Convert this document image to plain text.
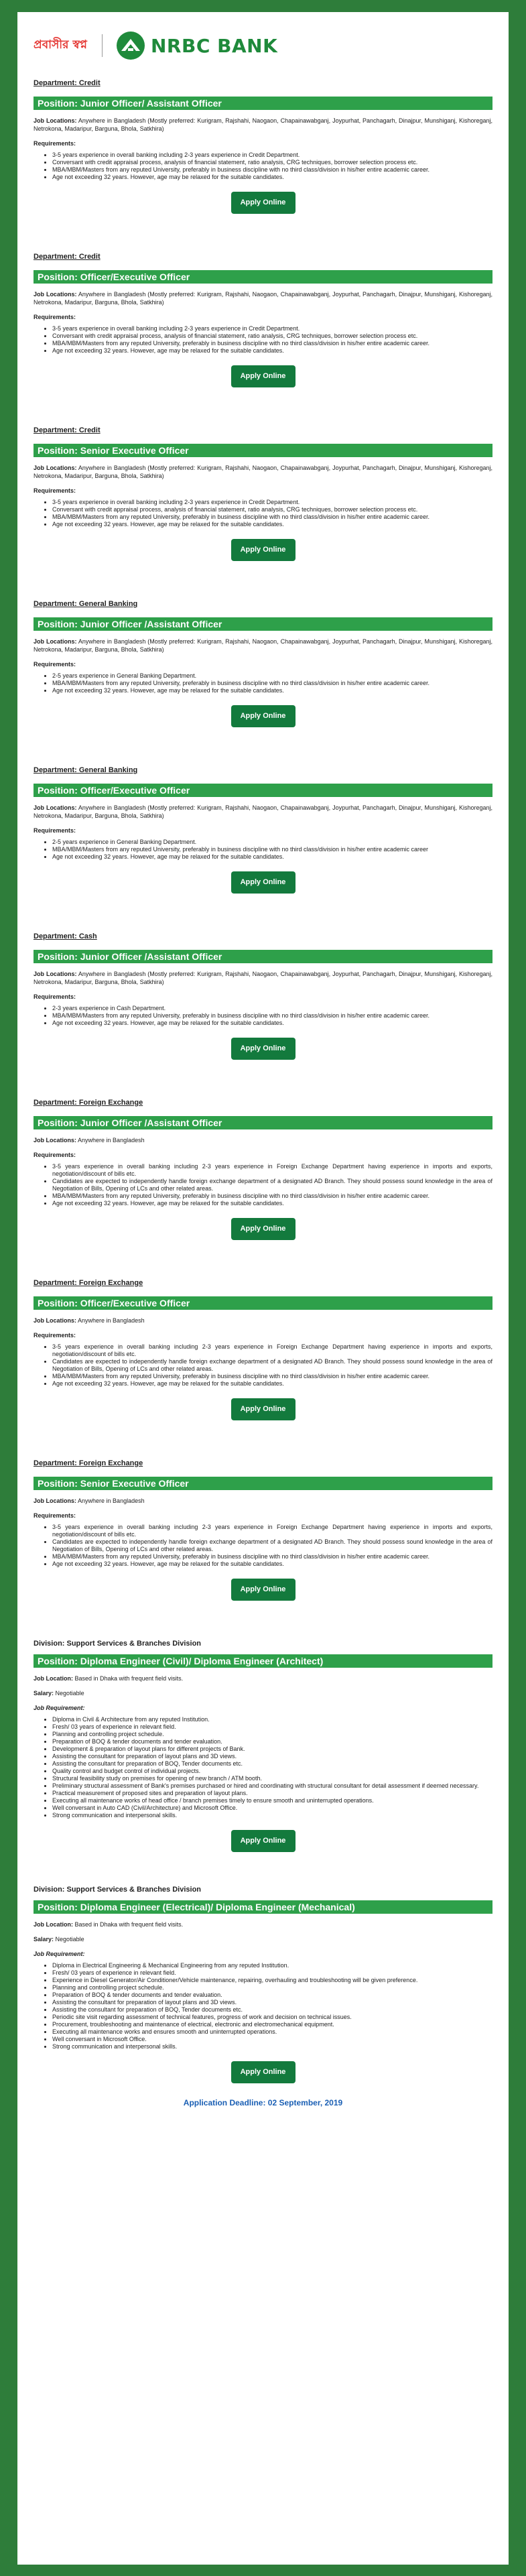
প্রবাসীর স্বপ্ন	NRBC BANK
Department: Credit
Position: Junior Officer/ Assistant Officer
Job Locations: Anywhere in Bangladesh (Mostly preferred: Kurigram, Rajshahi, Naogaon, Chapainawabganj, Joypurhat, Panchagarh, Dinajpur, Munshiganj, Kishoreganj, Netrokona, Madaripur, Barguna, Bhola, Satkhira)
Requirements:
• 3-5 years experience in overall banking including 2-3 years experience in Credit Department.
• Conversant with credit appraisal process, analysis of financial statement, ratio analysis, CRG techniques, borrower selection process etc.
• MBA/MBM/Masters from any reputed University, preferably in business discipline with no third class/division in his/her entire academic career.
• Age not exceeding 32 years. However, age may be relaxed for the suitable candidates.
Apply Online
Department: Credit
Position: Officer/Executive Officer
Job Locations: Anywhere in Bangladesh (Mostly preferred: Kurigram, Rajshahi, Naogaon, Chapainawabganj, Joypurhat, Panchagarh, Dinajpur, Munshiganj, Kishoreganj, Netrokona, Madaripur, Barguna, Bhola, Satkhira)
Requirements:
• 3-5 years experience in overall banking including 2-3 years experience in Credit Department.
• Conversant with credit appraisal process, analysis of financial statement, ratio analysis, CRG techniques, borrower selection process etc.
• MBA/MBM/Masters from any reputed University, preferably in business discipline with no third class/division in his/her entire academic career.
• Age not exceeding 32 years. However, age may be relaxed for the suitable candidates.
Apply Online
Department: Credit
Position: Senior Executive Officer
Job Locations: Anywhere in Bangladesh (Mostly preferred: Kurigram, Rajshahi, Naogaon, Chapainawabganj, Joypurhat, Panchagarh, Dinajpur, Munshiganj, Kishoreganj, Netrokona, Madaripur, Barguna, Bhola, Satkhira)
Requirements:
• 3-5 years experience in overall banking including 2-3 years experience in Credit Department.
• Conversant with credit appraisal process, analysis of financial statement, ratio analysis, CRG techniques, borrower selection process etc.
• MBA/MBM/Masters from any reputed University, preferably in business discipline with no third class/division in his/her entire academic career.
• Age not exceeding 32 years. However, age may be relaxed for the suitable candidates.
Apply Online
Department: General Banking
Position: Junior Officer /Assistant Officer
Job Locations: Anywhere in Bangladesh (Mostly preferred: Kurigram, Rajshahi, Naogaon, Chapainawabganj, Joypurhat, Panchagarh, Dinajpur, Munshiganj, Kishoreganj, Netrokona, Madaripur, Barguna, Bhola, Satkhira)
Requirements:
• 2-5 years experience in General Banking Department.
• MBA/MBM/Masters from any reputed University, preferably in business discipline with no third class/division in his/her entire academic career.
• Age not exceeding 32 years. However, age may be relaxed for the suitable candidates.
Apply Online
Department: General Banking
Position: Officer/Executive Officer
Job Locations: Anywhere in Bangladesh (Mostly preferred: Kurigram, Rajshahi, Naogaon, Chapainawabganj, Joypurhat, Panchagarh, Dinajpur, Munshiganj, Kishoreganj, Netrokona, Madaripur, Barguna, Bhola, Satkhira)
Requirements:
• 2-5 years experience in General Banking Department.
• MBA/MBM/Masters from any reputed University, preferably in business discipline with no third class/division in his/her entire academic career
• Age not exceeding 32 years. However, age may be relaxed for the suitable candidates.
Apply Online
Department: Cash
Position: Junior Officer /Assistant Officer
Job Locations: Anywhere in Bangladesh (Mostly preferred: Kurigram, Rajshahi, Naogaon, Chapainawabganj, Joypurhat, Panchagarh, Dinajpur, Munshiganj, Kishoreganj, Netrokona, Madaripur, Barguna, Bhola, Satkhira)
Requirements:
• 2-3 years experience in Cash Department.
• MBA/MBM/Masters from any reputed University, preferably in business discipline with no third class/division in his/her entire academic career.
• Age not exceeding 32 years. However, age may be relaxed for the suitable candidates.
Apply Online
Department: Foreign Exchange
Position: Junior Officer /Assistant Officer
Job Locations: Anywhere in Bangladesh
Requirements:
• 3-5 years experience in overall banking including 2-3 years experience in Foreign Exchange Department having experience in imports and exports, negotiation/discount of bills etc.
• Candidates are expected to independently handle foreign exchange department of a designated AD Branch. They should possess sound knowledge in the area of Negotiation of Bills, Opening of LCs and other related areas.
• MBA/MBM/Masters from any reputed University, preferably in business discipline with no third class/division in his/her entire academic career.
• Age not exceeding 32 years. However, age may be relaxed for the suitable candidates.
Apply Online
Department: Foreign Exchange
Position: Officer/Executive Officer
Job Locations: Anywhere in Bangladesh
Requirements:
• 3-5 years experience in overall banking including 2-3 years experience in Foreign Exchange Department having experience in imports and exports, negotiation/discount of bills etc.
• Candidates are expected to independently handle foreign exchange department of a designated AD Branch. They should possess sound knowledge in the area of Negotiation of Bills, Opening of LCs and other related areas.
• MBA/MBM/Masters from any reputed University, preferably in business discipline with no third class/division in his/her entire academic career.
• Age not exceeding 32 years. However, age may be relaxed for the suitable candidates.
Apply Online
Department: Foreign Exchange
Position: Senior Executive Officer
Job Locations: Anywhere in Bangladesh
Requirements:
• 3-5 years experience in overall banking including 2-3 years experience in Foreign Exchange Department having experience in imports and exports, negotiation/discount of bills etc.
• Candidates are expected to independently handle foreign exchange department of a designated AD Branch. They should possess sound knowledge in the area of Negotiation of Bills, Opening of LCs and other related areas.
• MBA/MBM/Masters from any reputed University, preferably in business discipline with no third class/division in his/her entire academic career.
• Age not exceeding 32 years. However, age may be relaxed for the suitable candidates.
Apply Online
Division: Support Services & Branches Division
Position: Diploma Engineer (Civil)/ Diploma Engineer (Architect)
Job Location: Based in Dhaka with frequent field visits.
Salary: Negotiable
Job Requirement:
• Diploma in Civil & Architecture from any reputed Institution.
• Fresh/ 03 years of experience in relevant field.
• Planning and controlling project schedule.
• Preparation of BOQ & tender documents and tender evaluation.
• Development & preparation of layout plans for different projects of Bank.
• Assisting the consultant for preparation of layout plans and 3D views.
• Assisting the consultant for preparation of BOQ, Tender documents etc.
• Quality control and budget control of individual projects.
• Structural feasibility study on premises for opening of new branch / ATM booth.
• Preliminary structural assessment of Bank's premises purchased or hired and coordinating with structural consultant for detail assessment if deemed necessary.
• Practical measurement of proposed sites and preparation of layout plans.
• Executing all maintenance works of head office / branch premises timely to ensure smooth and uninterrupted operations.
• Well conversant in Auto CAD (Civil/Architecture) and Microsoft Office.
• Strong communication and interpersonal skills.
Apply Online
Division: Support Services & Branches Division
Position: Diploma Engineer (Electrical)/ Diploma Engineer (Mechanical)
Job Location: Based in Dhaka with frequent field visits.
Salary: Negotiable
Job Requirement:
• Diploma in Electrical Engineering & Mechanical Engineering from any reputed Institution.
• Fresh/ 03 years of experience in relevant field.
• Experience in Diesel Generator/Air Conditioner/Vehicle maintenance, repairing, overhauling and troubleshooting will be given preference.
• Planning and controlling project schedule.
• Preparation of BOQ & tender documents and tender evaluation.
• Assisting the consultant for preparation of layout plans and 3D views.
• Assisting the consultant for preparation of BOQ, Tender documents etc.
• Periodic site visit regarding assessment of technical features, progress of work and decision on technical issues.
• Procurement, troubleshooting and maintenance of electrical, electronic and electromechanical equipment.
• Executing all maintenance works and ensures smooth and uninterrupted operations.
• Well conversant in Microsoft Office.
• Strong communication and interpersonal skills.
Apply Online
Application Deadline: 02 September, 2019
